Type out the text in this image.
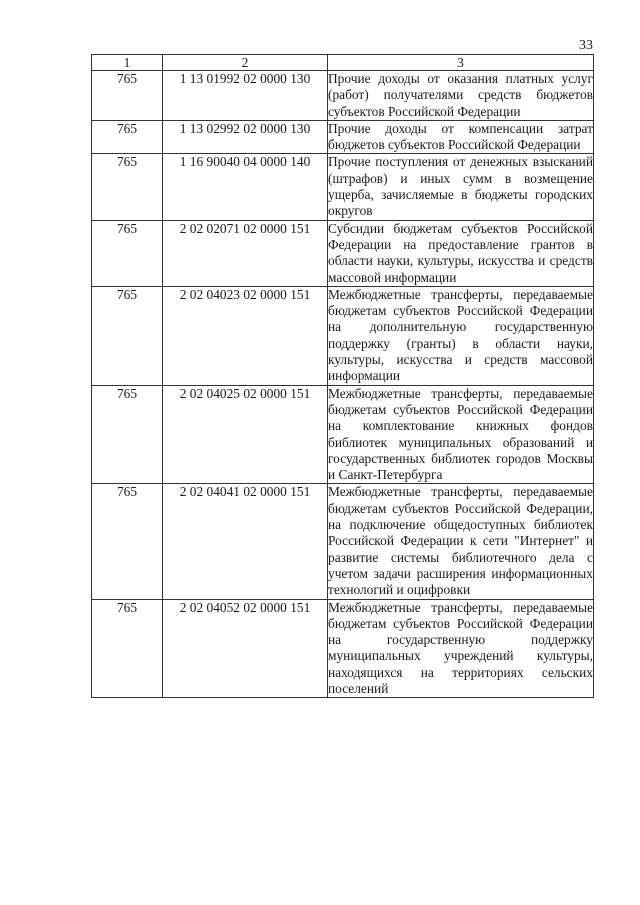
33
1	2	3
765	1 13 01992 02 0000 130	Прочие доходы от оказания платных услуг (работ) получателями средств бюджетов субъектов Российской Федерации
765	1 13 02992 02 0000 130	Прочие доходы от компенсации затрат бюджетов субъектов Российской Федерации
765	1 16 90040 04 0000 140	Прочие поступления от денежных взысканий (штрафов) и иных сумм в возмещение ущерба, зачисляемые в бюджеты городских округов
765	2 02 02071 02 0000 151	Субсидии бюджетам субъектов Российской Федерации на предоставление грантов в области науки, культуры, искусства и средств массовой информации
765	2 02 04023 02 0000 151	Межбюджетные трансферты, передаваемые бюджетам субъектов Российской Федерации на дополнительную государственную поддержку (гранты) в области науки, культуры, искусства и средств массовой информации
765	2 02 04025 02 0000 151	Межбюджетные трансферты, передаваемые бюджетам субъектов Российской Федерации на комплектование книжных фондов библиотек муниципальных образований и государственных библиотек городов Москвы и Санкт-Петербурга
765	2 02 04041 02 0000 151	Межбюджетные трансферты, передаваемые бюджетам субъектов Российской Федерации, на подключение общедоступных библиотек Российской Федерации к сети "Интернет" и развитие системы библиотечного дела с учетом задачи расширения информационных технологий и оцифровки
765	2 02 04052 02 0000 151	Межбюджетные трансферты, передаваемые бюджетам субъектов Российской Федерации на государственную поддержку муниципальных учреждений культуры, находящихся на территориях сельских поселений
